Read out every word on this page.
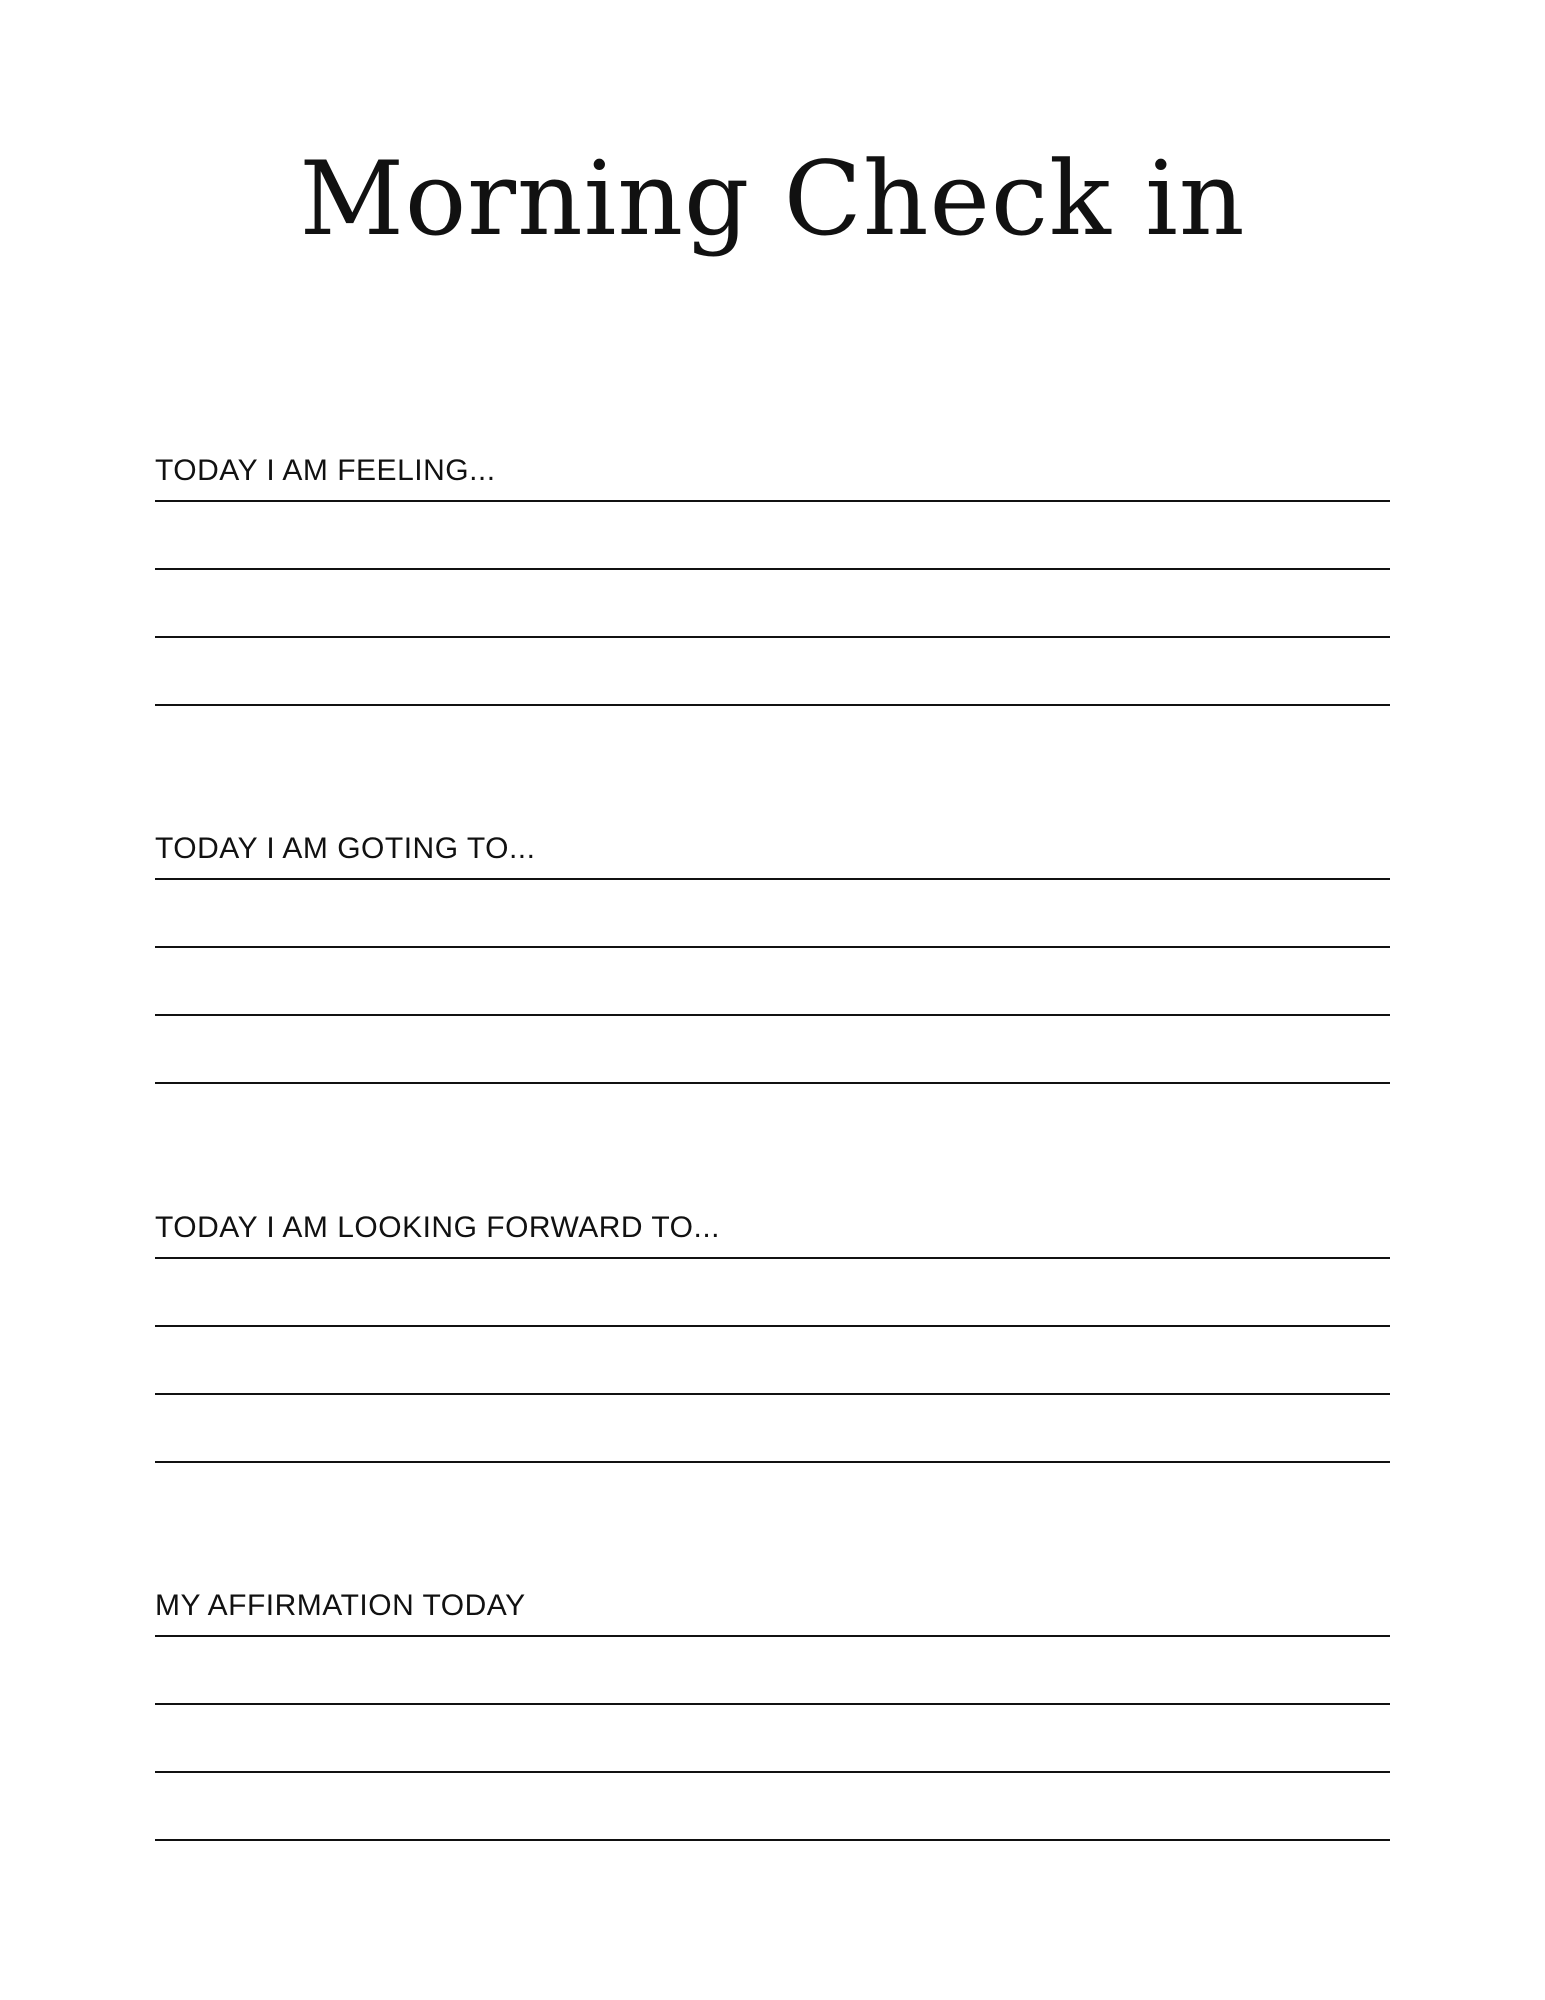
Morning Check in
TODAY I AM FEELING...
TODAY I AM GOTING TO...
TODAY I AM LOOKING FORWARD TO...
MY AFFIRMATION TODAY
